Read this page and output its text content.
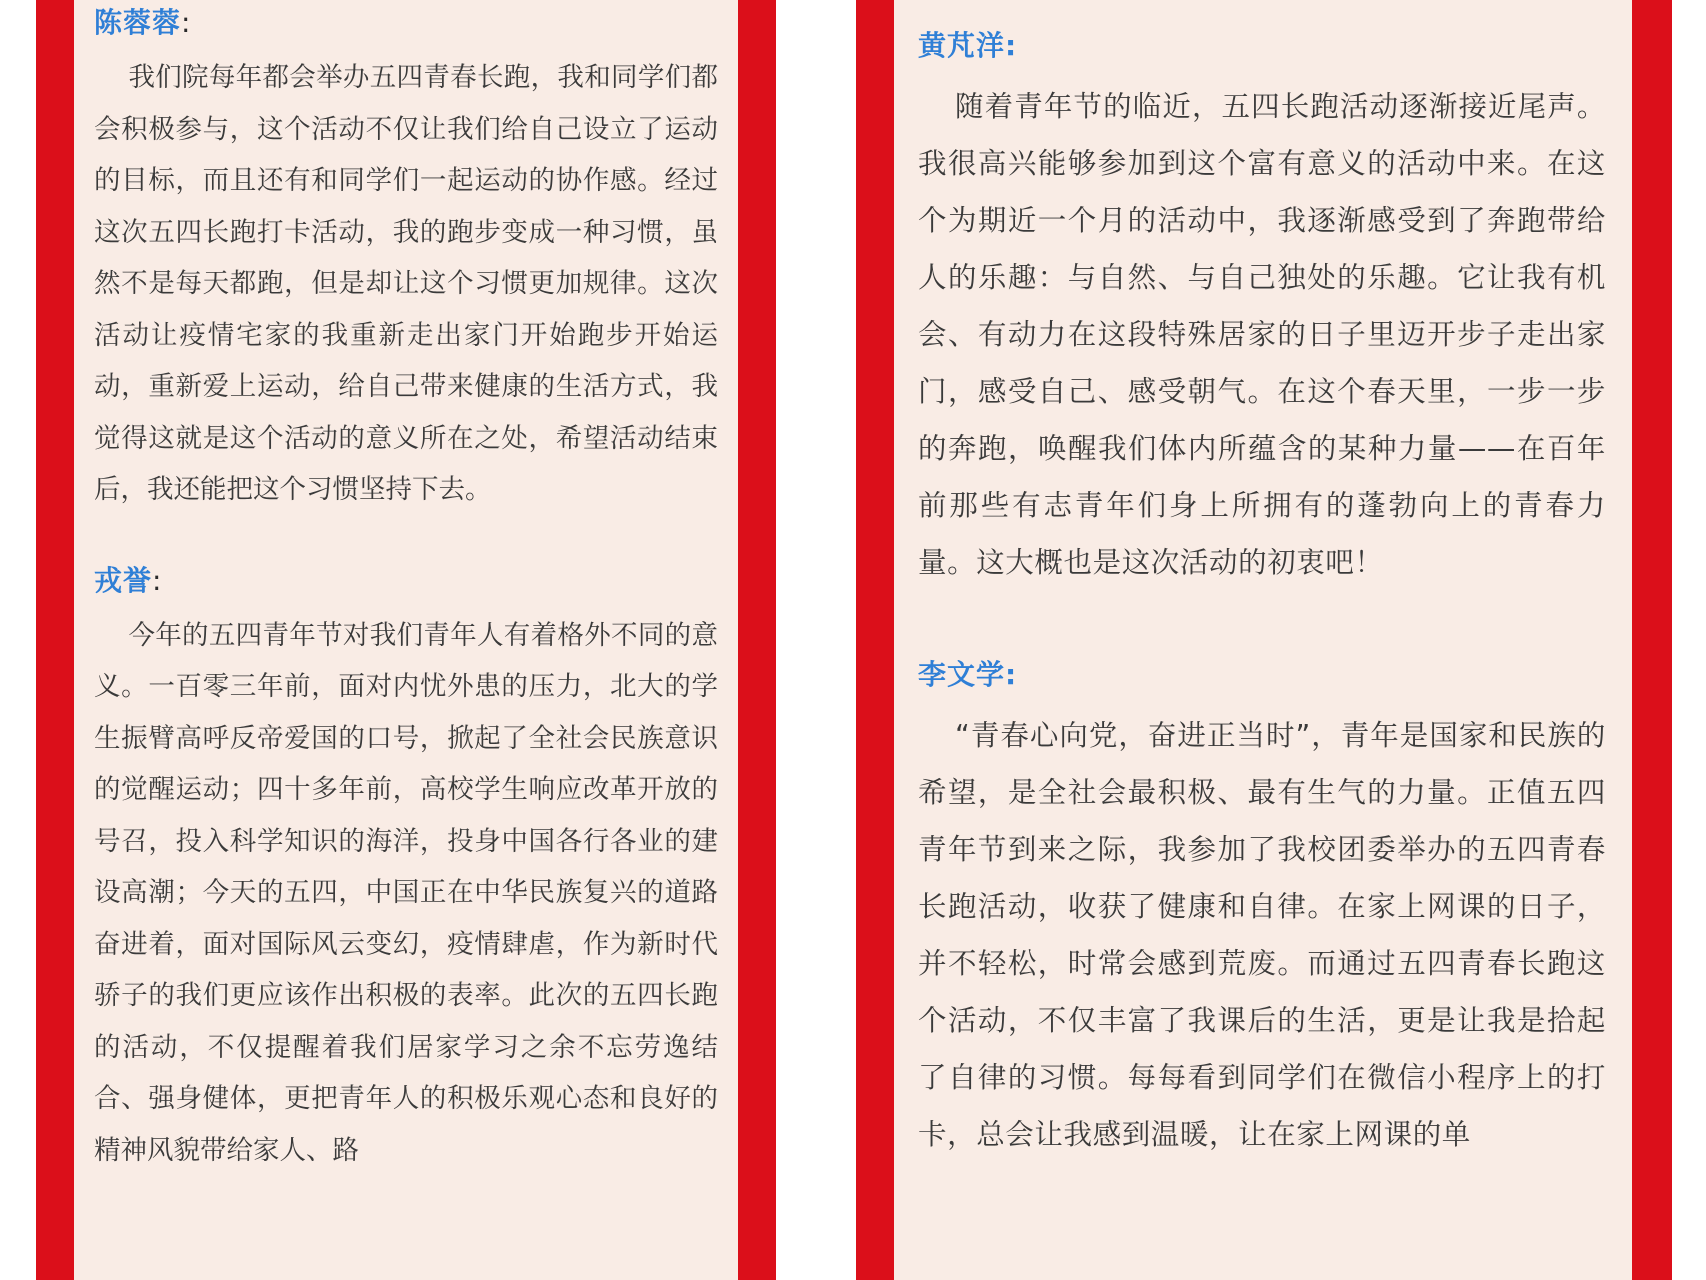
陈蓉蓉:

我们院每年都会举办五四青春长跑，我和同学们都会积极参与，这个活动不仅让我们给自己设立了运动的目标，而且还有和同学们一起运动的协作感。经过这次五四长跑打卡活动，我的跑步变成一种习惯，虽然不是每天都跑，但是却让这个习惯更加规律。这次活动让疫情宅家的我重新走出家门开始跑步开始运动，重新爱上运动，给自己带来健康的生活方式，我觉得这就是这个活动的意义所在之处，希望活动结束后，我还能把这个习惯坚持下去。

戎誉:

今年的五四青年节对我们青年人有着格外不同的意义。一百零三年前，面对内忧外患的压力，北大的学生振臂高呼反帝爱国的口号，掀起了全社会民族意识的觉醒运动；四十多年前，高校学生响应改革开放的号召，投入科学知识的海洋，投身中国各行各业的建设高潮；今天的五四，中国正在中华民族复兴的道路奋进着，面对国际风云变幻，疫情肆虐，作为新时代骄子的我们更应该作出积极的表率。此次的五四长跑的活动，不仅提醒着我们居家学习之余不忘劳逸结合、强身健体，更把青年人的积极乐观心态和良好的精神风貌带给家人、路

黄芃洋:

随着青年节的临近，五四长跑活动逐渐接近尾声。我很高兴能够参加到这个富有意义的活动中来。在这个为期近一个月的活动中，我逐渐感受到了奔跑带给人的乐趣：与自然、与自己独处的乐趣。它让我有机会、有动力在这段特殊居家的日子里迈开步子走出家门，感受自己、感受朝气。在这个春天里，一步一步的奔跑，唤醒我们体内所蕴含的某种力量——在百年前那些有志青年们身上所拥有的蓬勃向上的青春力量。这大概也是这次活动的初衷吧！

李文学:

“青春心向党，奋进正当时”，青年是国家和民族的希望，是全社会最积极、最有生气的力量。正值五四青年节到来之际，我参加了我校团委举办的五四青春长跑活动，收获了健康和自律。在家上网课的日子，并不轻松，时常会感到荒废。而通过五四青春长跑这个活动，不仅丰富了我课后的生活，更是让我是拾起了自律的习惯。每每看到同学们在微信小程序上的打卡，总会让我感到温暖，让在家上网课的单
